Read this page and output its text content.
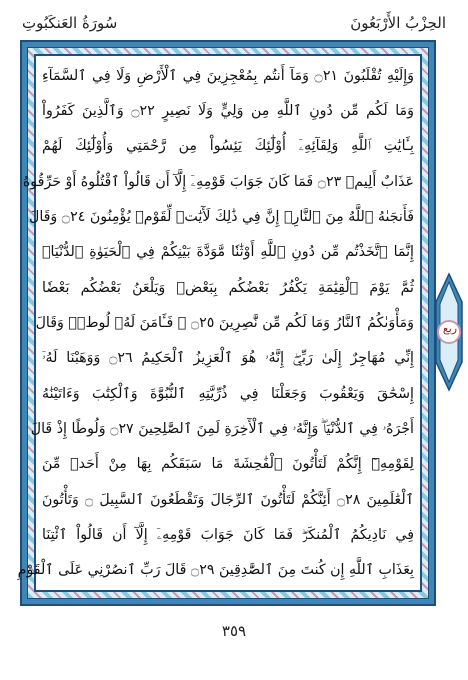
سُورَةُ العَنكَبُوتِ	الحِزْبُ الأَرْبَعُونَ
وَإِلَيْهِ تُقْلَبُونَ ۝٢١ وَمَآ أَنتُم بِمُعْجِزِينَ فِي ٱلْأَرْضِ وَلَا فِي ٱلسَّمَآءِ
وَمَا لَكُم مِّن دُونِ ٱللَّهِ مِن وَلِيٍّ وَلَا نَصِيرٍ ۝٢٢ وَٱلَّذِينَ كَفَرُواْ
بِـَٔايَٰتِ ٱللَّهِ وَلِقَآئِهِۦٓ أُوْلَٰٓئِكَ يَئِسُواْ مِن رَّحْمَتِي وَأُوْلَٰٓئِكَ لَهُمْ
عَذَابٌ أَلِيمٞ ۝٢٣ فَمَا كَانَ جَوَابَ قَوْمِهِۦٓ إِلَّآ أَن قَالُواْ ٱقْتُلُوهُ أَوْ حَرِّقُوهُ
فَأَنجَىٰهُ ٱللَّهُ مِنَ ٱلنَّارِۚ إِنَّ فِي ذَٰلِكَ لَأٓيَٰتٖ لِّقَوْمٖ يُؤْمِنُونَ ۝٢٤ وَقَالَ
إِنَّمَا ٱتَّخَذْتُم مِّن دُونِ ٱللَّهِ أَوْثَٰنٗا مَّوَدَّةَ بَيْنِكُمْ فِي ٱلْحَيَوٰةِ ٱلدُّنْيَاۖ
ثُمَّ يَوْمَ ٱلْقِيَٰمَةِ يَكْفُرُ بَعْضُكُم بِبَعْضٖ وَيَلْعَنُ بَعْضُكُم بَعْضٗا
وَمَأْوَىٰكُمُ ٱلنَّارُ وَمَا لَكُم مِّن نَّٰصِرِينَ ۝٢٥ ۞ فَـَٔامَنَ لَهُۥ لُوطٞۘ وَقَالَ
إِنِّي مُهَاجِرٌ إِلَىٰ رَبِّيٓۖ إِنَّهُۥ هُوَ ٱلْعَزِيزُ ٱلْحَكِيمُ ۝٢٦ وَوَهَبْنَا لَهُۥٓ
إِسْحَٰقَ وَيَعْقُوبَ وَجَعَلْنَا فِي ذُرِّيَّتِهِ ٱلنُّبُوَّةَ وَٱلْكِتَٰبَ وَءَاتَيْنَٰهُ
أَجْرَهُۥ فِي ٱلدُّنْيَاۖ وَإِنَّهُۥ فِي ٱلْأٓخِرَةِ لَمِنَ ٱلصَّٰلِحِينَ ۝٢٧ وَلُوطًا إِذْ قَالَ
لِقَوْمِهِۦٓ إِنَّكُمْ لَتَأْتُونَ ٱلْفَٰحِشَةَ مَا سَبَقَكُم بِهَا مِنْ أَحَدٖ مِّنَ
ٱلْعَٰلَمِينَ ۝٢٨ أَئِنَّكُمْ لَتَأْتُونَ ٱلرِّجَالَ وَتَقْطَعُونَ ٱلسَّبِيلَ ۝ وَتَأْتُونَ
فِي نَادِيكُمُ ٱلْمُنكَرَۖ فَمَا كَانَ جَوَابَ قَوْمِهِۦٓ إِلَّآ أَن قَالُواْ ٱئْتِنَا
بِعَذَابِ ٱللَّهِ إِن كُنتَ مِنَ ٱلصَّٰدِقِينَ ۝٢٩ قَالَ رَبِّ ٱنصُرْنِي عَلَى ٱلْقَوْمِ
ربع
٣٥٩
